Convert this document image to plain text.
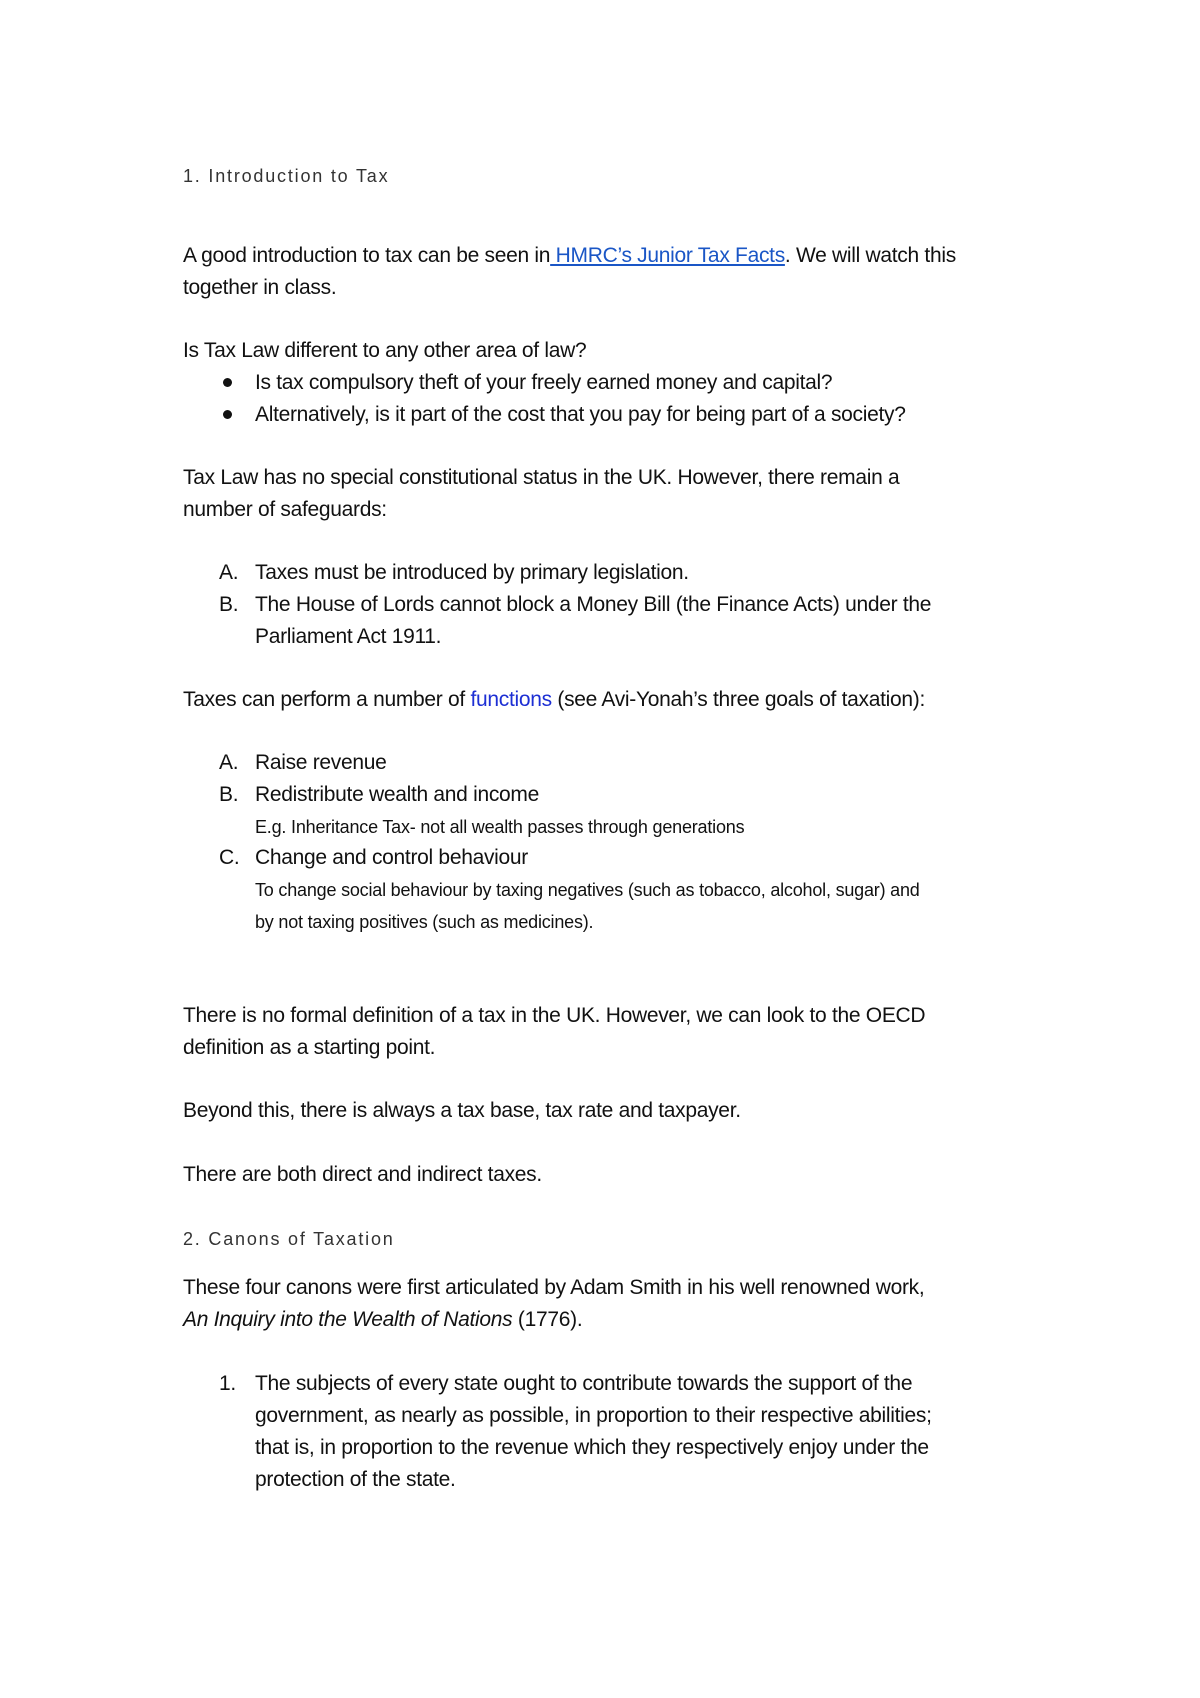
1. Introduction to Tax
A good introduction to tax can be seen in HMRC’s Junior Tax Facts. We will watch this
together in class.
Is Tax Law different to any other area of law?
Is tax compulsory theft of your freely earned money and capital?
Alternatively, is it part of the cost that you pay for being part of a society?
Tax Law has no special constitutional status in the UK. However, there remain a
number of safeguards:
A. Taxes must be introduced by primary legislation.
B. The House of Lords cannot block a Money Bill (the Finance Acts) under the
Parliament Act 1911.
Taxes can perform a number of functions (see Avi-Yonah’s three goals of taxation):
A. Raise revenue
B. Redistribute wealth and income
E.g. Inheritance Tax- not all wealth passes through generations
C. Change and control behaviour
To change social behaviour by taxing negatives (such as tobacco, alcohol, sugar) and
by not taxing positives (such as medicines).
There is no formal definition of a tax in the UK. However, we can look to the OECD
definition as a starting point.
Beyond this, there is always a tax base, tax rate and taxpayer.
There are both direct and indirect taxes.
2. Canons of Taxation
These four canons were first articulated by Adam Smith in his well renowned work,
An Inquiry into the Wealth of Nations (1776).
1. The subjects of every state ought to contribute towards the support of the
government, as nearly as possible, in proportion to their respective abilities;
that is, in proportion to the revenue which they respectively enjoy under the
protection of the state.
